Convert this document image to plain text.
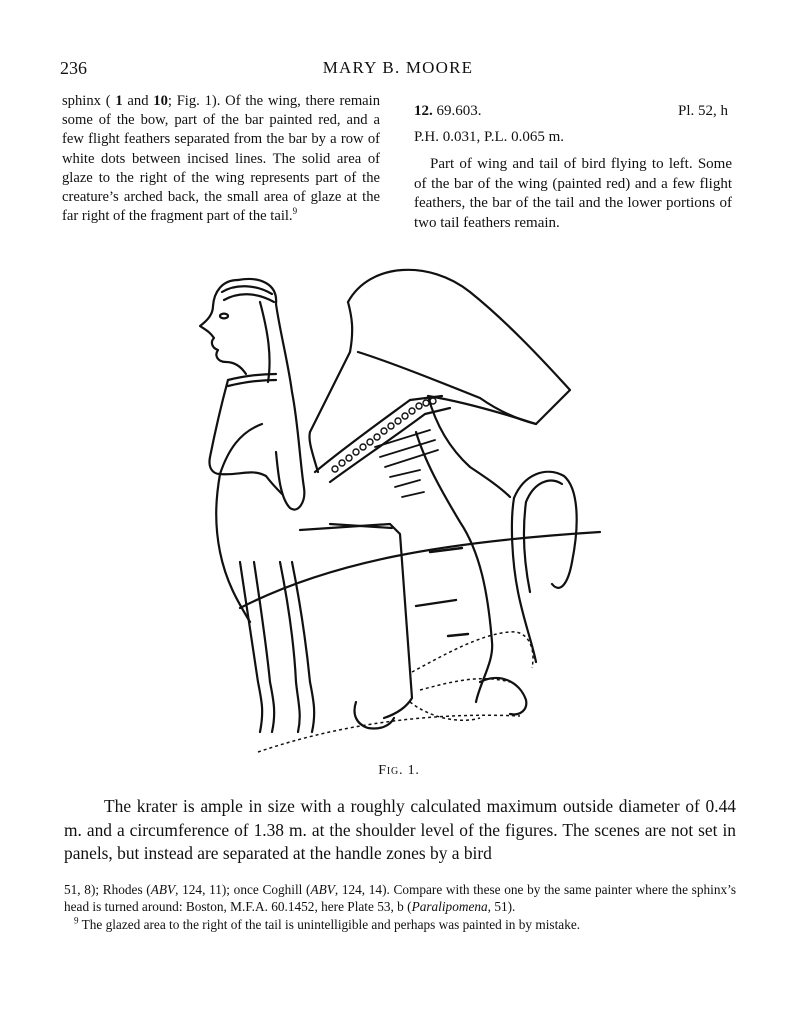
236	MARY B. MOORE

sphinx ( 1 and 10; Fig. 1). Of the wing, there remain some of the bow, part of the bar painted red, and a few flight feathers separated from the bar by a row of white dots between incised lines. The solid area of glaze to the right of the wing represents part of the creature’s arched back, the small area of glaze at the far right of the fragment part of the tail.$^9$

12. 69.603.	Pl. 52, h

P.H. 0.031, P.L. 0.065 m.

Part of wing and tail of bird flying to left. Some of the bar of the wing (painted red) and a few flight feathers, the bar of the tail and the lower portions of two tail feathers remain.

Fig. 1.

The krater is ample in size with a roughly calculated maximum outside diameter of 0.44 m. and a circumference of 1.38 m. at the shoulder level of the figures. The scenes are not set in panels, but instead are separated at the handle zones by a bird

51, 8); Rhodes (ABV, 124, 11); once Coghill (ABV, 124, 14). Compare with these one by the same painter where the sphinx’s head is turned around: Boston, M.F.A. 60.1452, here Plate 53, b (Paralipomena, 51).

$^9$ The glazed area to the right of the tail is unintelligible and perhaps was painted in by mistake.
